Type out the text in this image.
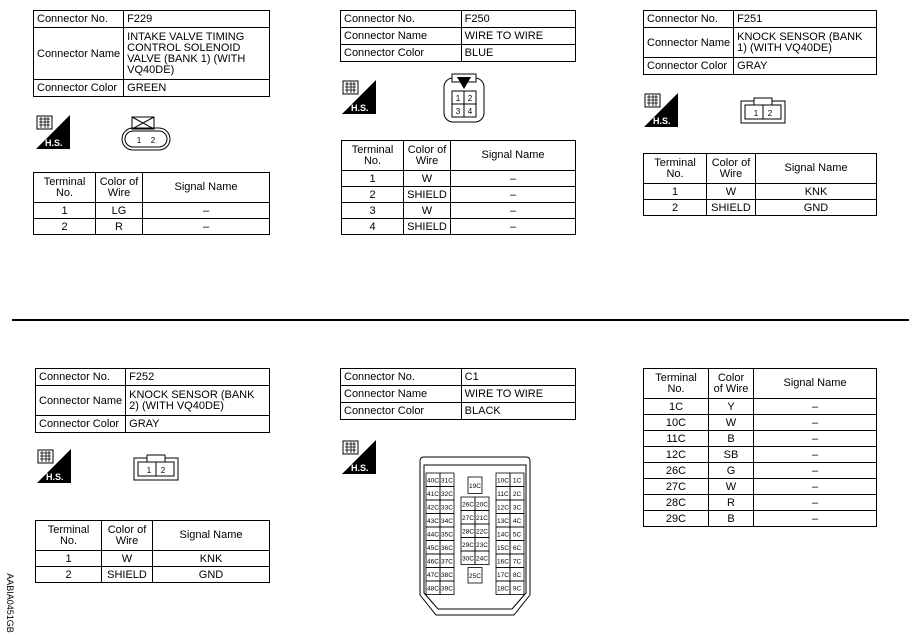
Connector No.	F229
Connector Name	INTAKE VALVE TIMING CONTROL SOLENOID VALVE (BANK 1) (WITH VQ40DE)
Connector Color	GREEN
H.S.	1 2
Terminal No.	Color of Wire	Signal Name
1	LG	–
2	R	–
Connector No.	F250
Connector Name	WIRE TO WIRE
Connector Color	BLUE
H.S.
1 2
3 4
Terminal No.	Color of Wire	Signal Name
1	W	–
2	SHIELD	–
3	W	–
4	SHIELD	–
Connector No.	F251
Connector Name	KNOCK SENSOR (BANK 1) (WITH VQ40DE)
Connector Color	GRAY
H.S.
1 2
Terminal No.	Color of Wire	Signal Name
1	W	KNK
2	SHIELD	GND
Connector No.	F252
Connector Name	KNOCK SENSOR (BANK 2) (WITH VQ40DE)
Connector Color	GRAY
H.S.
1 2
Terminal No.	Color of Wire	Signal Name
1	W	KNK
2	SHIELD	GND
Connector No.	C1
Connector Name	WIRE TO WIRE
Connector Color	BLACK
H.S.
40C 31C
41C 32C
42C 33C
43C 34C
44C 35C
45C 36C
46C 37C
47C 38C
48C 39C
10C 1C
11C 2C
12C 3C
13C 4C
14C 5C
15C 6C
16C 7C
17C 8C
18C 9C
19C
26C 20C
27C 21C
28C 22C
29C 23C
30C 24C
25C
Terminal No.	Color of Wire	Signal Name
1C	Y	–
10C	W	–
11C	B	–
12C	SB	–
26C	G	–
27C	W	–
28C	R	–
29C	B	–
AABIA0451GB
